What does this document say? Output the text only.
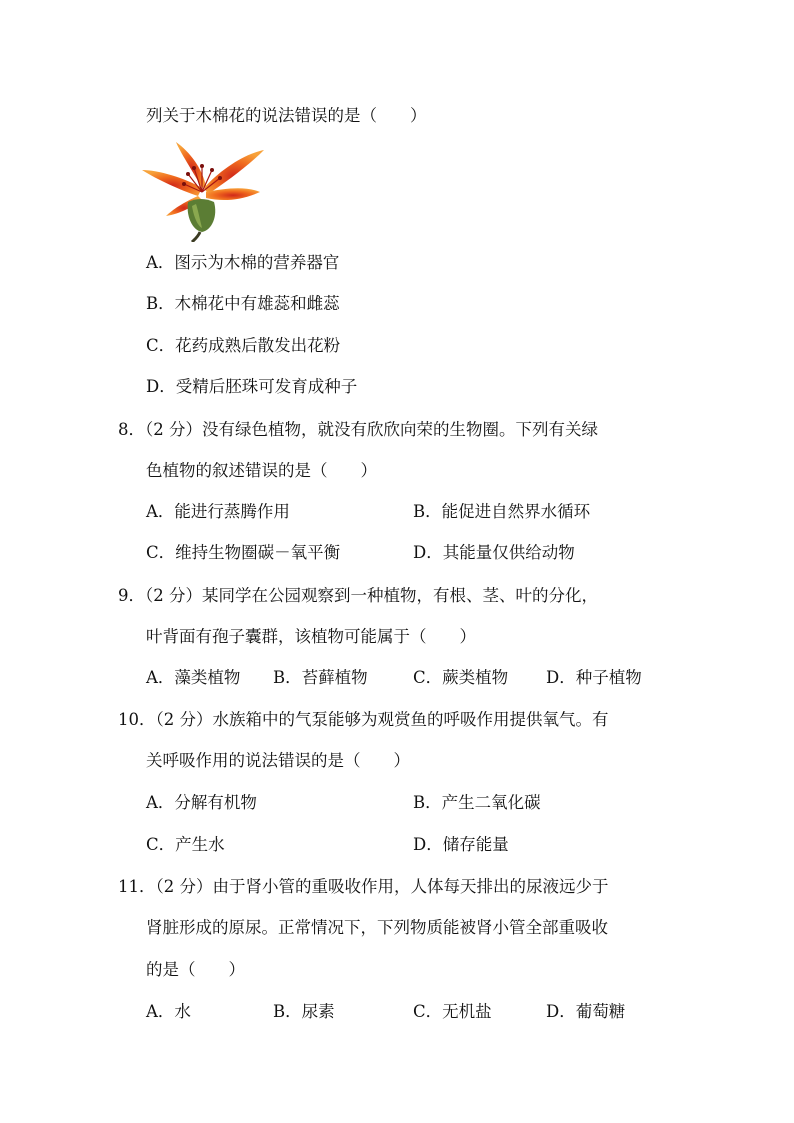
列关于木棉花的说法错误的是（　　）
A．图示为木棉的营养器官
B．木棉花中有雄蕊和雌蕊
C．花药成熟后散发出花粉
D．受精后胚珠可发育成种子
8．（2 分）没有绿色植物，就没有欣欣向荣的生物圈。下列有关绿
色植物的叙述错误的是（　　）
A．能进行蒸腾作用	B．能促进自然界水循环
C．维持生物圈碳－氧平衡	D．其能量仅供给动物
9．（2 分）某同学在公园观察到一种植物，有根、茎、叶的分化，
叶背面有孢子囊群，该植物可能属于（　　）
A．藻类植物 B．苔藓植物	C．蕨类植物 D．种子植物
10．（2 分）水族箱中的气泵能够为观赏鱼的呼吸作用提供氧气。有
关呼吸作用的说法错误的是（　　）
A．分解有机物	B．产生二氧化碳
C．产生水	D．储存能量
11．（2 分）由于肾小管的重吸收作用，人体每天排出的尿液远少于
肾脏形成的原尿。正常情况下，下列物质能被肾小管全部重吸收
的是（　　）
A．水	B．尿素	C．无机盐	D．葡萄糖
